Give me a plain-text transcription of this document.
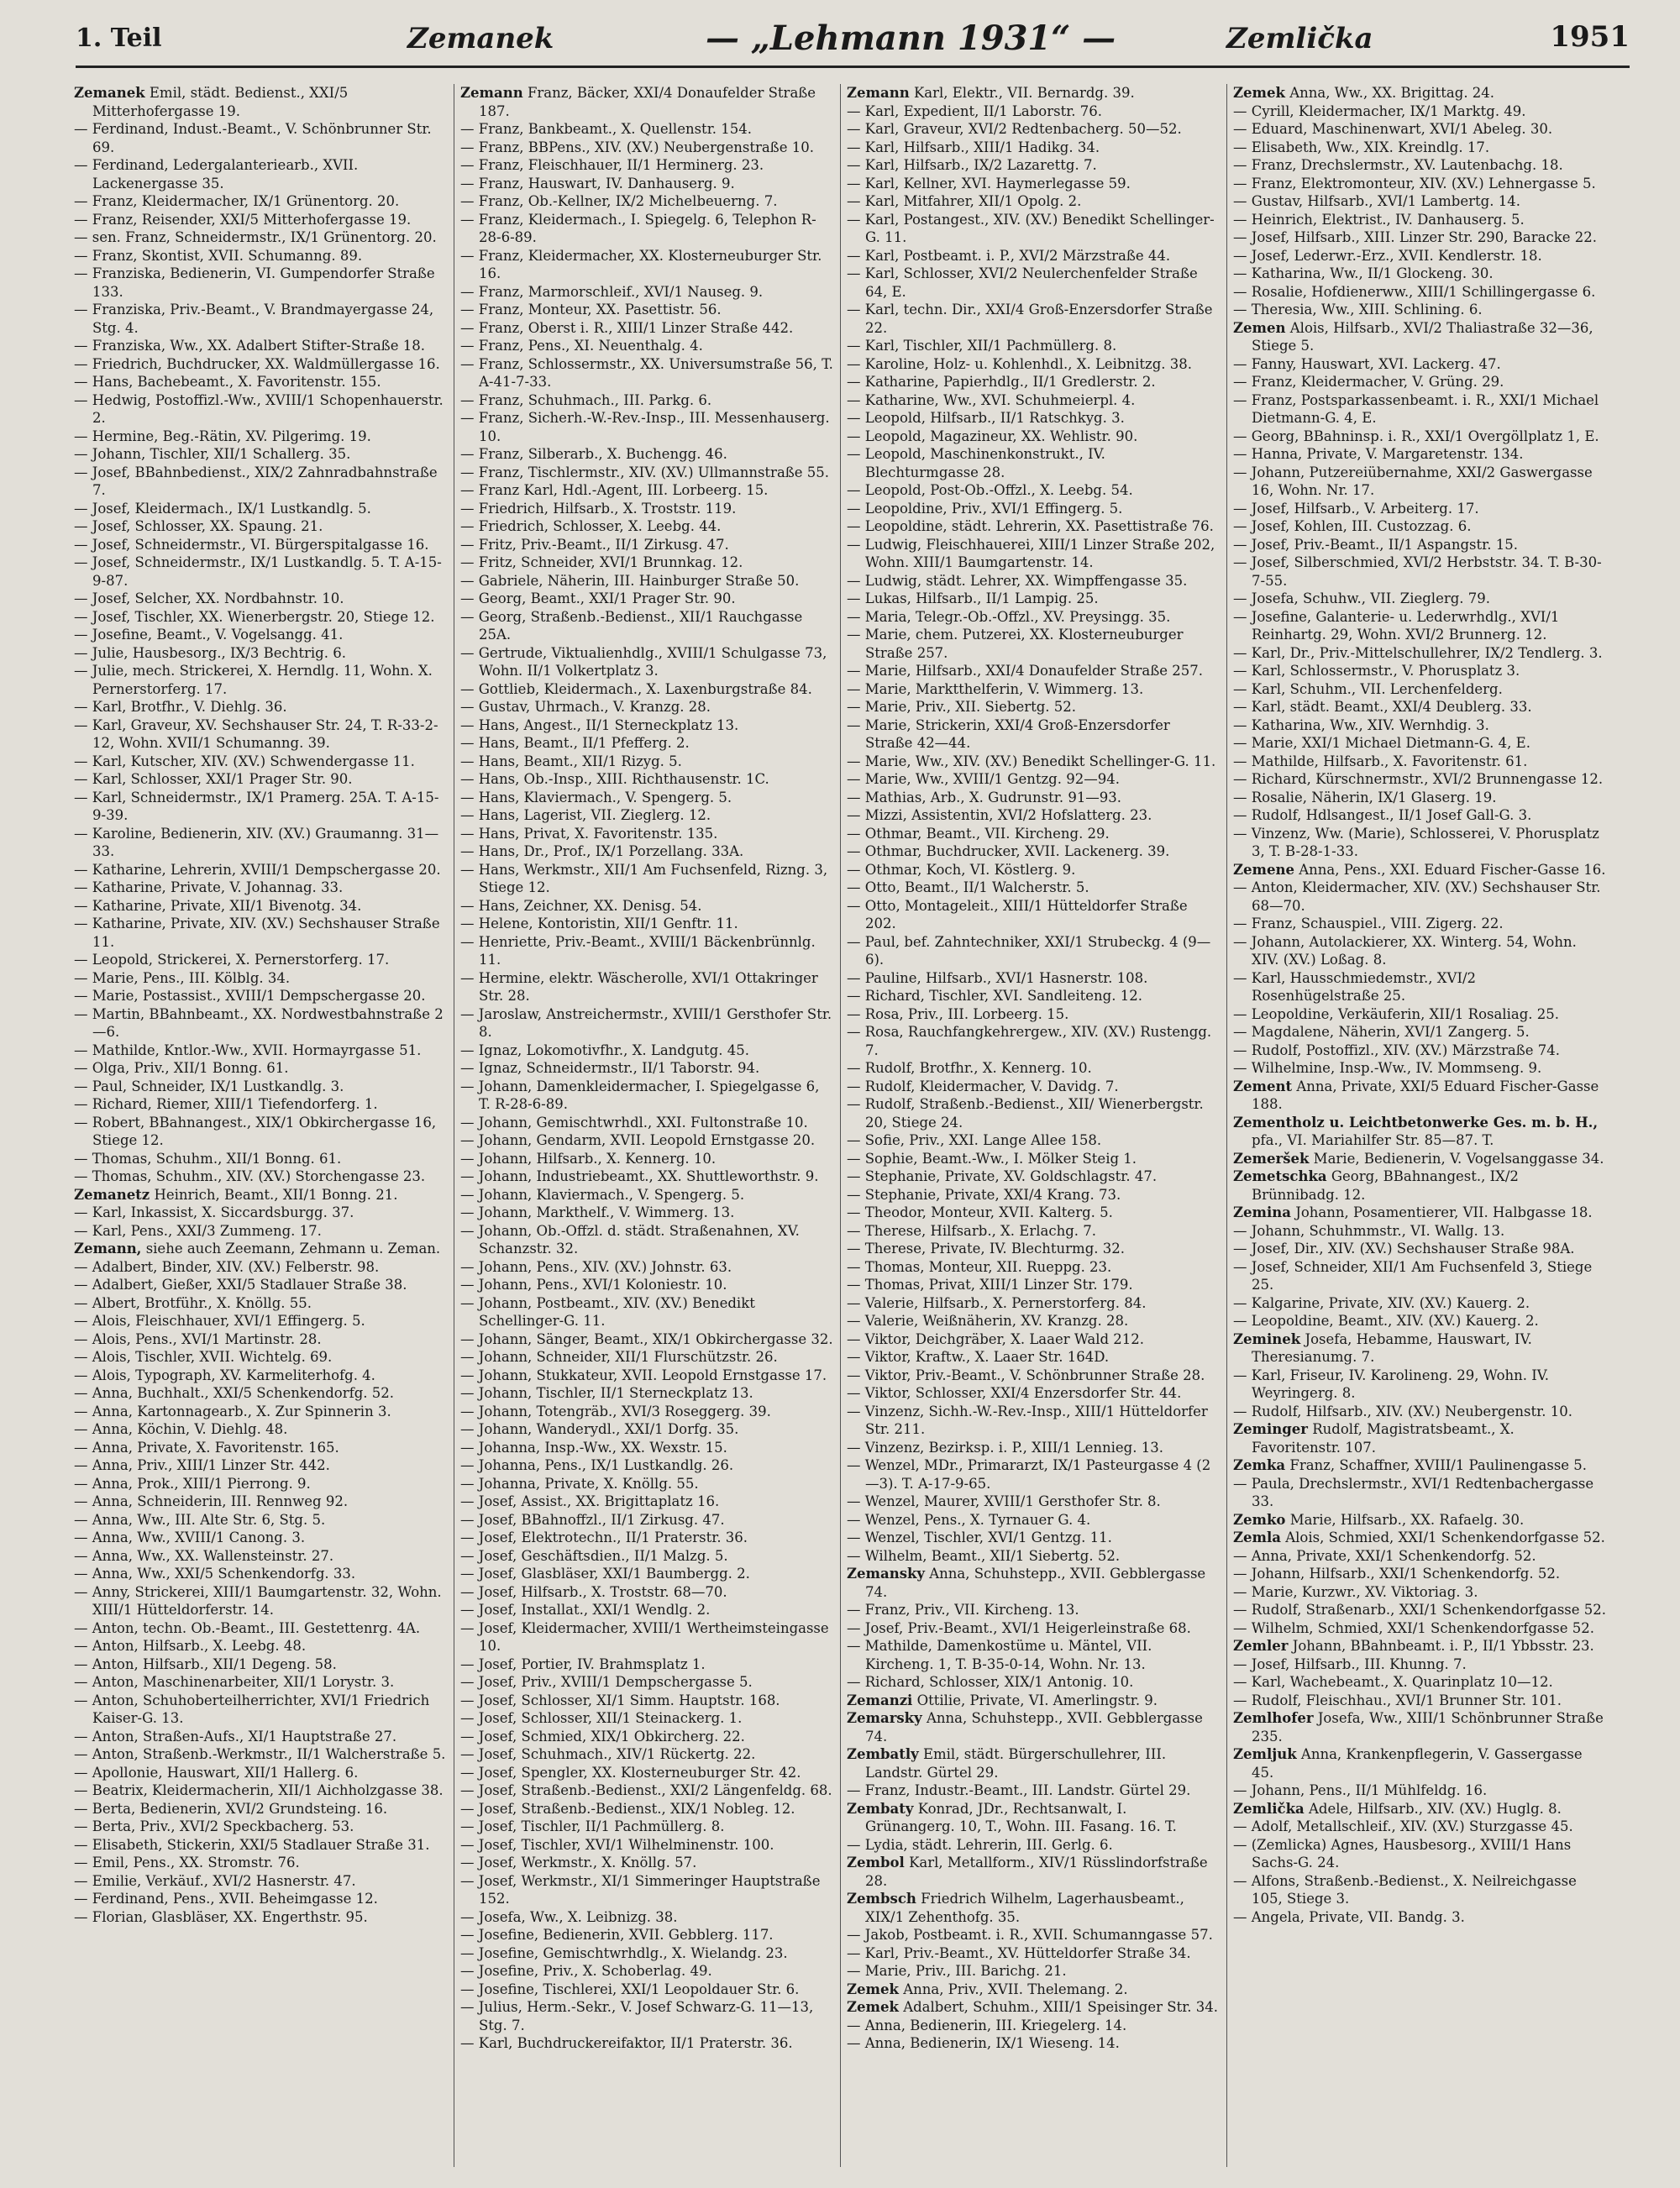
1. Teil	Zemanek	— „Lehmann 1931“ —	Zemlička	1951

Zemanek Emil, städt. Bedienst., XXI/5 Mitterhofergasse 19.

— Ferdinand, Indust.-Beamt., V. Schönbrunner Str. 69.

— Ferdinand, Ledergalanteriearb., XVII. Lackenergasse 35.

— Franz, Kleidermacher, IX/1 Grünentorg. 20.

— Franz, Reisender, XXI/5 Mitterhofergasse 19.

— sen. Franz, Schneidermstr., IX/1 Grünentorg. 20.

— Franz, Skontist, XVII. Schumanng. 89.

— Franziska, Bedienerin, VI. Gumpendorfer Straße 133.

— Franziska, Priv.-Beamt., V. Brandmayergasse 24, Stg. 4.

— Franziska, Ww., XX. Adalbert Stifter-Straße 18.

— Friedrich, Buchdrucker, XX. Waldmüllergasse 16.

— Hans, Bachebeamt., X. Favoritenstr. 155.

— Hedwig, Postoffizl.-Ww., XVIII/1 Schopenhauerstr. 2.

— Hermine, Beg.-Rätin, XV. Pilgerimg. 19.

— Johann, Tischler, XII/1 Schallerg. 35.

— Josef, BBahnbedienst., XIX/2 Zahnradbahnstraße 7.

— Josef, Kleidermach., IX/1 Lustkandlg. 5.

— Josef, Schlosser, XX. Spaung. 21.

— Josef, Schneidermstr., VI. Bürgerspitalgasse 16.

— Josef, Schneidermstr., IX/1 Lustkandlg. 5. T. A-15-9-87.

— Josef, Selcher, XX. Nordbahnstr. 10.

— Josef, Tischler, XX. Wienerbergstr. 20, Stiege 12.

— Josefine, Beamt., V. Vogelsangg. 41.

— Julie, Hausbesorg., IX/3 Bechtrig. 6.

— Julie, mech. Strickerei, X. Herndlg. 11, Wohn. X. Pernerstorferg. 17.

— Karl, Brotfhr., V. Diehlg. 36.

— Karl, Graveur, XV. Sechshauser Str. 24, T. R-33-2-12, Wohn. XVII/1 Schumanng. 39.

— Karl, Kutscher, XIV. (XV.) Schwendergasse 11.

— Karl, Schlosser, XXI/1 Prager Str. 90.

— Karl, Schneidermstr., IX/1 Pramerg. 25A. T. A-15-9-39.

— Karoline, Bedienerin, XIV. (XV.) Graumanng. 31—33.

— Katharine, Lehrerin, XVIII/1 Dempschergasse 20.

— Katharine, Private, V. Johannag. 33.

— Katharine, Private, XII/1 Bivenotg. 34.

— Katharine, Private, XIV. (XV.) Sechshauser Straße 11.

— Leopold, Strickerei, X. Pernerstorferg. 17.

— Marie, Pens., III. Kölblg. 34.

— Marie, Postassist., XVIII/1 Dempschergasse 20.

— Martin, BBahnbeamt., XX. Nordwestbahnstraße 2—6.

— Mathilde, Kntlor.-Ww., XVII. Hormayrgasse 51.

— Olga, Priv., XII/1 Bonng. 61.

— Paul, Schneider, IX/1 Lustkandlg. 3.

— Richard, Riemer, XIII/1 Tiefendorferg. 1.

— Robert, BBahnangest., XIX/1 Obkirchergasse 16, Stiege 12.

— Thomas, Schuhm., XII/1 Bonng. 61.

— Thomas, Schuhm., XIV. (XV.) Storchengasse 23.

Zemanetz Heinrich, Beamt., XII/1 Bonng. 21.

— Karl, Inkassist, X. Siccardsburgg. 37.

— Karl, Pens., XXI/3 Zummeng. 17.

Zemann, siehe auch Zeemann, Zehmann u. Zeman.

— Adalbert, Binder, XIV. (XV.) Felberstr. 98.

— Adalbert, Gießer, XXI/5 Stadlauer Straße 38.

— Albert, Brotführ., X. Knöllg. 55.

— Alois, Fleischhauer, XVI/1 Effingerg. 5.

— Alois, Pens., XVI/1 Martinstr. 28.

— Alois, Tischler, XVII. Wichtelg. 69.

— Alois, Typograph, XV. Karmeliterhofg. 4.

— Anna, Buchhalt., XXI/5 Schenkendorfg. 52.

— Anna, Kartonnagearb., X. Zur Spinnerin 3.

— Anna, Köchin, V. Diehlg. 48.

— Anna, Private, X. Favoritenstr. 165.

— Anna, Priv., XIII/1 Linzer Str. 442.

— Anna, Prok., XIII/1 Pierrong. 9.

— Anna, Schneiderin, III. Rennweg 92.

— Anna, Ww., III. Alte Str. 6, Stg. 5.

— Anna, Ww., XVIII/1 Canong. 3.

— Anna, Ww., XX. Wallensteinstr. 27.

— Anna, Ww., XXI/5 Schenkendorfg. 33.

— Anny, Strickerei, XIII/1 Baumgartenstr. 32, Wohn. XIII/1 Hütteldorferstr. 14.

— Anton, techn. Ob.-Beamt., III. Gestettenrg. 4A.

— Anton, Hilfsarb., X. Leebg. 48.

— Anton, Hilfsarb., XII/1 Degeng. 58.

— Anton, Maschinenarbeiter, XII/1 Lorystr. 3.

— Anton, Schuhoberteilherrichter, XVI/1 Friedrich Kaiser-G. 13.

— Anton, Straßen-Aufs., XI/1 Hauptstraße 27.

— Anton, Straßenb.-Werkmstr., II/1 Walcherstraße 5.

— Apollonie, Hauswart, XII/1 Hallerg. 6.

— Beatrix, Kleidermacherin, XII/1 Aichholzgasse 38.

— Berta, Bedienerin, XVI/2 Grundsteing. 16.

— Berta, Priv., XVI/2 Speckbacherg. 53.

— Elisabeth, Stickerin, XXI/5 Stadlauer Straße 31.

— Emil, Pens., XX. Stromstr. 76.

— Emilie, Verkäuf., XVI/2 Hasnerstr. 47.

— Ferdinand, Pens., XVII. Beheimgasse 12.

— Florian, Glasbläser, XX. Engerthstr. 95.

Zemann Franz, Bäcker, XXI/4 Donaufelder Straße 187.

— Franz, Bankbeamt., X. Quellenstr. 154.

— Franz, BBPens., XIV. (XV.) Neubergenstraße 10.

— Franz, Fleischhauer, II/1 Herminerg. 23.

— Franz, Hauswart, IV. Danhauserg. 9.

— Franz, Ob.-Kellner, IX/2 Michelbeuerng. 7.

— Franz, Kleidermach., I. Spiegelg. 6, Telephon R-28-6-89.

— Franz, Kleidermacher, XX. Klosterneuburger Str. 16.

— Franz, Marmorschleif., XVI/1 Nauseg. 9.

— Franz, Monteur, XX. Pasettistr. 56.

— Franz, Oberst i. R., XIII/1 Linzer Straße 442.

— Franz, Pens., XI. Neuenthalg. 4.

— Franz, Schlossermstr., XX. Universumstraße 56, T. A-41-7-33.

— Franz, Schuhmach., III. Parkg. 6.

— Franz, Sicherh.-W.-Rev.-Insp., III. Messenhauserg. 10.

— Franz, Silberarb., X. Buchengg. 46.

— Franz, Tischlermstr., XIV. (XV.) Ullmannstraße 55.

— Franz Karl, Hdl.-Agent, III. Lorbeerg. 15.

— Friedrich, Hilfsarb., X. Troststr. 119.

— Friedrich, Schlosser, X. Leebg. 44.

— Fritz, Priv.-Beamt., II/1 Zirkusg. 47.

— Fritz, Schneider, XVI/1 Brunnkag. 12.

— Gabriele, Näherin, III. Hainburger Straße 50.

— Georg, Beamt., XXI/1 Prager Str. 90.

— Georg, Straßenb.-Bedienst., XII/1 Rauchgasse 25A.

— Gertrude, Viktualienhdlg., XVIII/1 Schulgasse 73, Wohn. II/1 Volkertplatz 3.

— Gottlieb, Kleidermach., X. Laxenburgstraße 84.

— Gustav, Uhrmach., V. Kranzg. 28.

— Hans, Angest., II/1 Sterneckplatz 13.

— Hans, Beamt., II/1 Pfefferg. 2.

— Hans, Beamt., XII/1 Rizyg. 5.

— Hans, Ob.-Insp., XIII. Richthausenstr. 1C.

— Hans, Klaviermach., V. Spengerg. 5.

— Hans, Lagerist, VII. Zieglerg. 12.

— Hans, Privat, X. Favoritenstr. 135.

— Hans, Dr., Prof., IX/1 Porzellang. 33A.

— Hans, Werkmstr., XII/1 Am Fuchsenfeld, Rizng. 3, Stiege 12.

— Hans, Zeichner, XX. Denisg. 54.

— Helene, Kontoristin, XII/1 Genftr. 11.

— Henriette, Priv.-Beamt., XVIII/1 Bäckenbrünnlg. 11.

— Hermine, elektr. Wäscherolle, XVI/1 Ottakringer Str. 28.

— Jaroslaw, Anstreichermstr., XVIII/1 Gersthofer Str. 8.

— Ignaz, Lokomotivfhr., X. Landgutg. 45.

— Ignaz, Schneidermstr., II/1 Taborstr. 94.

— Johann, Damenkleidermacher, I. Spiegelgasse 6, T. R-28-6-89.

— Johann, Gemischtwrhdl., XXI. Fultonstraße 10.

— Johann, Gendarm, XVII. Leopold Ernstgasse 20.

— Johann, Hilfsarb., X. Kennerg. 10.

— Johann, Industriebeamt., XX. Shuttleworthstr. 9.

— Johann, Klaviermach., V. Spengerg. 5.

— Johann, Markthelf., V. Wimmerg. 13.

— Johann, Ob.-Offzl. d. städt. Straßenahnen, XV. Schanzstr. 32.

— Johann, Pens., XIV. (XV.) Johnstr. 63.

— Johann, Pens., XVI/1 Koloniestr. 10.

— Johann, Postbeamt., XIV. (XV.) Benedikt Schellinger-G. 11.

— Johann, Sänger, Beamt., XIX/1 Obkirchergasse 32.

— Johann, Schneider, XII/1 Flurschützstr. 26.

— Johann, Stukkateur, XVII. Leopold Ernstgasse 17.

— Johann, Tischler, II/1 Sterneckplatz 13.

— Johann, Totengräb., XVI/3 Roseggerg. 39.

— Johann, Wanderydl., XXI/1 Dorfg. 35.

— Johanna, Insp.-Ww., XX. Wexstr. 15.

— Johanna, Pens., IX/1 Lustkandlg. 26.

— Johanna, Private, X. Knöllg. 55.

— Josef, Assist., XX. Brigittaplatz 16.

— Josef, BBahnoffzl., II/1 Zirkusg. 47.

— Josef, Elektrotechn., II/1 Praterstr. 36.

— Josef, Geschäftsdien., II/1 Malzg. 5.

— Josef, Glasbläser, XXI/1 Baumbergg. 2.

— Josef, Hilfsarb., X. Troststr. 68—70.

— Josef, Installat., XXI/1 Wendlg. 2.

— Josef, Kleidermacher, XVIII/1 Wertheimsteingasse 10.

— Josef, Portier, IV. Brahmsplatz 1.

— Josef, Priv., XVIII/1 Dempschergasse 5.

— Josef, Schlosser, XI/1 Simm. Hauptstr. 168.

— Josef, Schlosser, XII/1 Steinackerg. 1.

— Josef, Schmied, XIX/1 Obkircherg. 22.

— Josef, Schuhmach., XIV/1 Rückertg. 22.

— Josef, Spengler, XX. Klosterneuburger Str. 42.

— Josef, Straßenb.-Bedienst., XXI/2 Längenfeldg. 68.

— Josef, Straßenb.-Bedienst., XIX/1 Nobleg. 12.

— Josef, Tischler, II/1 Pachmüllerg. 8.

— Josef, Tischler, XVI/1 Wilhelminenstr. 100.

— Josef, Werkmstr., X. Knöllg. 57.

— Josef, Werkmstr., XI/1 Simmeringer Hauptstraße 152.

— Josefa, Ww., X. Leibnizg. 38.

— Josefine, Bedienerin, XVII. Gebblerg. 117.

— Josefine, Gemischtwrhdlg., X. Wielandg. 23.

— Josefine, Priv., X. Schoberlag. 49.

— Josefine, Tischlerei, XXI/1 Leopoldauer Str. 6.

— Julius, Herm.-Sekr., V. Josef Schwarz-G. 11—13, Stg. 7.

— Karl, Buchdruckereifaktor, II/1 Praterstr. 36.

Zemann Karl, Elektr., VII. Bernardg. 39.

— Karl, Expedient, II/1 Laborstr. 76.

— Karl, Graveur, XVI/2 Redtenbacherg. 50—52.

— Karl, Hilfsarb., XIII/1 Hadikg. 34.

— Karl, Hilfsarb., IX/2 Lazarettg. 7.

— Karl, Kellner, XVI. Haymerlegasse 59.

— Karl, Mitfahrer, XII/1 Opolg. 2.

— Karl, Postangest., XIV. (XV.) Benedikt Schellinger-G. 11.

— Karl, Postbeamt. i. P., XVI/2 Märzstraße 44.

— Karl, Schlosser, XVI/2 Neulerchenfelder Straße 64, E.

— Karl, techn. Dir., XXI/4 Groß-Enzersdorfer Straße 22.

— Karl, Tischler, XII/1 Pachmüllerg. 8.

— Karoline, Holz- u. Kohlenhdl., X. Leibnitzg. 38.

— Katharine, Papierhdlg., II/1 Gredlerstr. 2.

— Katharine, Ww., XVI. Schuhmeierpl. 4.

— Leopold, Hilfsarb., II/1 Ratschkyg. 3.

— Leopold, Magazineur, XX. Wehlistr. 90.

— Leopold, Maschinenkonstrukt., IV. Blechturmgasse 28.

— Leopold, Post-Ob.-Offzl., X. Leebg. 54.

— Leopoldine, Priv., XVI/1 Effingerg. 5.

— Leopoldine, städt. Lehrerin, XX. Pasettistraße 76.

— Ludwig, Fleischhauerei, XIII/1 Linzer Straße 202, Wohn. XIII/1 Baumgartenstr. 14.

— Ludwig, städt. Lehrer, XX. Wimpffengasse 35.

— Lukas, Hilfsarb., II/1 Lampig. 25.

— Maria, Telegr.-Ob.-Offzl., XV. Preysingg. 35.

— Marie, chem. Putzerei, XX. Klosterneuburger Straße 257.

— Marie, Hilfsarb., XXI/4 Donaufelder Straße 257.

— Marie, Marktthelferin, V. Wimmerg. 13.

— Marie, Priv., XII. Siebertg. 52.

— Marie, Strickerin, XXI/4 Groß-Enzersdorfer Straße 42—44.

— Marie, Ww., XIV. (XV.) Benedikt Schellinger-G. 11.

— Marie, Ww., XVIII/1 Gentzg. 92—94.

— Mathias, Arb., X. Gudrunstr. 91—93.

— Mizzi, Assistentin, XVI/2 Hofslatterg. 23.

— Othmar, Beamt., VII. Kircheng. 29.

— Othmar, Buchdrucker, XVII. Lackenerg. 39.

— Othmar, Koch, VI. Köstlerg. 9.

— Otto, Beamt., II/1 Walcherstr. 5.

— Otto, Montageleit., XIII/1 Hütteldorfer Straße 202.

— Paul, bef. Zahntechniker, XXI/1 Strubeckg. 4 (9—6).

— Pauline, Hilfsarb., XVI/1 Hasnerstr. 108.

— Richard, Tischler, XVI. Sandleiteng. 12.

— Rosa, Priv., III. Lorbeerg. 15.

— Rosa, Rauchfangkehrergew., XIV. (XV.) Rustengg. 7.

— Rudolf, Brotfhr., X. Kennerg. 10.

— Rudolf, Kleidermacher, V. Davidg. 7.

— Rudolf, Straßenb.-Bedienst., XII/ Wienerbergstr. 20, Stiege 24.

— Sofie, Priv., XXI. Lange Allee 158.

— Sophie, Beamt.-Ww., I. Mölker Steig 1.

— Stephanie, Private, XV. Goldschlagstr. 47.

— Stephanie, Private, XXI/4 Krang. 73.

— Theodor, Monteur, XVII. Kalterg. 5.

— Therese, Hilfsarb., X. Erlachg. 7.

— Therese, Private, IV. Blechturmg. 32.

— Thomas, Monteur, XII. Rueppg. 23.

— Thomas, Privat, XIII/1 Linzer Str. 179.

— Valerie, Hilfsarb., X. Pernerstorferg. 84.

— Valerie, Weißnäherin, XV. Kranzg. 28.

— Viktor, Deichgräber, X. Laaer Wald 212.

— Viktor, Kraftw., X. Laaer Str. 164D.

— Viktor, Priv.-Beamt., V. Schönbrunner Straße 28.

— Viktor, Schlosser, XXI/4 Enzersdorfer Str. 44.

— Vinzenz, Sichh.-W.-Rev.-Insp., XIII/1 Hütteldorfer Str. 211.

— Vinzenz, Bezirksp. i. P., XIII/1 Lennieg. 13.

— Wenzel, MDr., Primararzt, IX/1 Pasteurgasse 4 (2—3). T. A-17-9-65.

— Wenzel, Maurer, XVIII/1 Gersthofer Str. 8.

— Wenzel, Pens., X. Tyrnauer G. 4.

— Wenzel, Tischler, XVI/1 Gentzg. 11.

— Wilhelm, Beamt., XII/1 Siebertg. 52.

Zemansky Anna, Schuhstepp., XVII. Gebblergasse 74.

— Franz, Priv., VII. Kircheng. 13.

— Josef, Priv.-Beamt., XVI/1 Heigerleinstraße 68.

— Mathilde, Damenkostüme u. Mäntel, VII. Kircheng. 1, T. B-35-0-14, Wohn. Nr. 13.

— Richard, Schlosser, XIX/1 Antonig. 10.

Zemanzi Ottilie, Private, VI. Amerlingstr. 9.

Zemarsky Anna, Schuhstepp., XVII. Gebblergasse 74.

Zembatly Emil, städt. Bürgerschullehrer, III. Landstr. Gürtel 29.

— Franz, Industr.-Beamt., III. Landstr. Gürtel 29.

Zembaty Konrad, JDr., Rechtsanwalt, I. Grünangerg. 10, T., Wohn. III. Fasang. 16. T.

— Lydia, städt. Lehrerin, III. Gerlg. 6.

Zembol Karl, Metallform., XIV/1 Rüsslindorfstraße 28.

Zembsch Friedrich Wilhelm, Lagerhausbeamt., XIX/1 Zehenthofg. 35.

— Jakob, Postbeamt. i. R., XVII. Schumanngasse 57.

— Karl, Priv.-Beamt., XV. Hütteldorfer Straße 34.

— Marie, Priv., III. Barichg. 21.

Zemek Anna, Priv., XVII. Thelemang. 2.

Zemek Adalbert, Schuhm., XIII/1 Speisinger Str. 34.

— Anna, Bedienerin, III. Kriegelerg. 14.

— Anna, Bedienerin, IX/1 Wieseng. 14.

Zemek Anna, Ww., XX. Brigittag. 24.

— Cyrill, Kleidermacher, IX/1 Marktg. 49.

— Eduard, Maschinenwart, XVI/1 Abeleg. 30.

— Elisabeth, Ww., XIX. Kreindlg. 17.

— Franz, Drechslermstr., XV. Lautenbachg. 18.

— Franz, Elektromonteur, XIV. (XV.) Lehnergasse 5.

— Gustav, Hilfsarb., XVI/1 Lambertg. 14.

— Heinrich, Elektrist., IV. Danhauserg. 5.

— Josef, Hilfsarb., XIII. Linzer Str. 290, Baracke 22.

— Josef, Lederwr.-Erz., XVII. Kendlerstr. 18.

— Katharina, Ww., II/1 Glockeng. 30.

— Rosalie, Hofdienerww., XIII/1 Schillingergasse 6.

— Theresia, Ww., XIII. Schlining. 6.

Zemen Alois, Hilfsarb., XVI/2 Thaliastraße 32—36, Stiege 5.

— Fanny, Hauswart, XVI. Lackerg. 47.

— Franz, Kleidermacher, V. Grüng. 29.

— Franz, Postsparkassenbeamt. i. R., XXI/1 Michael Dietmann-G. 4, E.

— Georg, BBahninsp. i. R., XXI/1 Overgöllplatz 1, E.

— Hanna, Private, V. Margaretenstr. 134.

— Johann, Putzereiübernahme, XXI/2 Gaswergasse 16, Wohn. Nr. 17.

— Josef, Hilfsarb., V. Arbeiterg. 17.

— Josef, Kohlen, III. Custozzag. 6.

— Josef, Priv.-Beamt., II/1 Aspangstr. 15.

— Josef, Silberschmied, XVI/2 Herbststr. 34. T. B-30-7-55.

— Josefa, Schuhw., VII. Zieglerg. 79.

— Josefine, Galanterie- u. Lederwrhdlg., XVI/1 Reinhartg. 29, Wohn. XVI/2 Brunnerg. 12.

— Karl, Dr., Priv.-Mittelschullehrer, IX/2 Tendlerg. 3.

— Karl, Schlossermstr., V. Phorusplatz 3.

— Karl, Schuhm., VII. Lerchenfelderg.

— Karl, städt. Beamt., XXI/4 Deublerg. 33.

— Katharina, Ww., XIV. Wernhdig. 3.

— Marie, XXI/1 Michael Dietmann-G. 4, E.

— Mathilde, Hilfsarb., X. Favoritenstr. 61.

— Richard, Kürschnermstr., XVI/2 Brunnengasse 12.

— Rosalie, Näherin, IX/1 Glaserg. 19.

— Rudolf, Hdlsangest., II/1 Josef Gall-G. 3.

— Vinzenz, Ww. (Marie), Schlosserei, V. Phorusplatz 3, T. B-28-1-33.

Zemene Anna, Pens., XXI. Eduard Fischer-Gasse 16.

— Anton, Kleidermacher, XIV. (XV.) Sechshauser Str. 68—70.

— Franz, Schauspiel., VIII. Zigerg. 22.

— Johann, Autolackierer, XX. Winterg. 54, Wohn. XIV. (XV.) Loßag. 8.

— Karl, Hausschmiedemstr., XVI/2 Rosenhügelstraße 25.

— Leopoldine, Verkäuferin, XII/1 Rosaliag. 25.

— Magdalene, Näherin, XVI/1 Zangerg. 5.

— Rudolf, Postoffizl., XIV. (XV.) Märzstraße 74.

— Wilhelmine, Insp.-Ww., IV. Mommseng. 9.

Zement Anna, Private, XXI/5 Eduard Fischer-Gasse 188.

Zementholz u. Leichtbetonwerke Ges. m. b. H., pfa., VI. Mariahilfer Str. 85—87. T.

Zemeršek Marie, Bedienerin, V. Vogelsanggasse 34.

Zemetschka Georg, BBahnangest., IX/2 Brünnibadg. 12.

Zemina Johann, Posamentierer, VII. Halbgasse 18.

— Johann, Schuhmmstr., VI. Wallg. 13.

— Josef, Dir., XIV. (XV.) Sechshauser Straße 98A.

— Josef, Schneider, XII/1 Am Fuchsenfeld 3, Stiege 25.

— Kalgarine, Private, XIV. (XV.) Kauerg. 2.

— Leopoldine, Beamt., XIV. (XV.) Kauerg. 2.

Zeminek Josefa, Hebamme, Hauswart, IV. Theresianumg. 7.

— Karl, Friseur, IV. Karolineng. 29, Wohn. IV. Weyringerg. 8.

— Rudolf, Hilfsarb., XIV. (XV.) Neubergenstr. 10.

Zeminger Rudolf, Magistratsbeamt., X. Favoritenstr. 107.

Zemka Franz, Schaffner, XVIII/1 Paulinengasse 5.

— Paula, Drechslermstr., XVI/1 Redtenbachergasse 33.

Zemko Marie, Hilfsarb., XX. Rafaelg. 30.

Zemla Alois, Schmied, XXI/1 Schenkendorfgasse 52.

— Anna, Private, XXI/1 Schenkendorfg. 52.

— Johann, Hilfsarb., XXI/1 Schenkendorfg. 52.

— Marie, Kurzwr., XV. Viktoriag. 3.

— Rudolf, Straßenarb., XXI/1 Schenkendorfgasse 52.

— Wilhelm, Schmied, XXI/1 Schenkendorfgasse 52.

Zemler Johann, BBahnbeamt. i. P., II/1 Ybbsstr. 23.

— Josef, Hilfsarb., III. Khunng. 7.

— Karl, Wachebeamt., X. Quarinplatz 10—12.

— Rudolf, Fleischhau., XVI/1 Brunner Str. 101.

Zemlhofer Josefa, Ww., XIII/1 Schönbrunner Straße 235.

Zemljuk Anna, Krankenpflegerin, V. Gassergasse 45.

— Johann, Pens., II/1 Mühlfeldg. 16.

Zemlička Adele, Hilfsarb., XIV. (XV.) Huglg. 8.

— Adolf, Metallschleif., XIV. (XV.) Sturzgasse 45.

— (Zemlicka) Agnes, Hausbesorg., XVIII/1 Hans Sachs-G. 24.

— Alfons, Straßenb.-Bedienst., X. Neilreichgasse 105, Stiege 3.

— Angela, Private, VII. Bandg. 3.
